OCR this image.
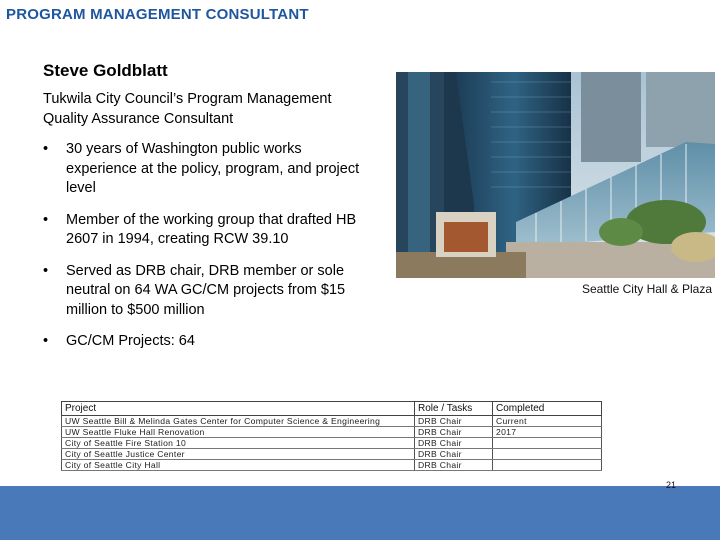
PROGRAM MANAGEMENT CONSULTANT
Steve Goldblatt
Tukwila City Council’s Program Management Quality Assurance Consultant
• 30 years of Washington public works experience at the policy, program, and project level
• Member of the working group that drafted HB 2607 in 1994, creating RCW 39.10
• Served as DRB chair, DRB member or sole neutral on 64 WA GC/CM projects from $15 million to $500 million
• GC/CM Projects: 64
Seattle City Hall & Plaza
Project	Role / Tasks	Completed
UW Seattle Bill & Melinda Gates Center for Computer Science & Engineering	DRB Chair	Current
UW Seattle Fluke Hall Renovation	DRB Chair	2017
City of Seattle Fire Station 10	DRB Chair	
City of Seattle Justice Center	DRB Chair	
City of Seattle City Hall	DRB Chair	
21
